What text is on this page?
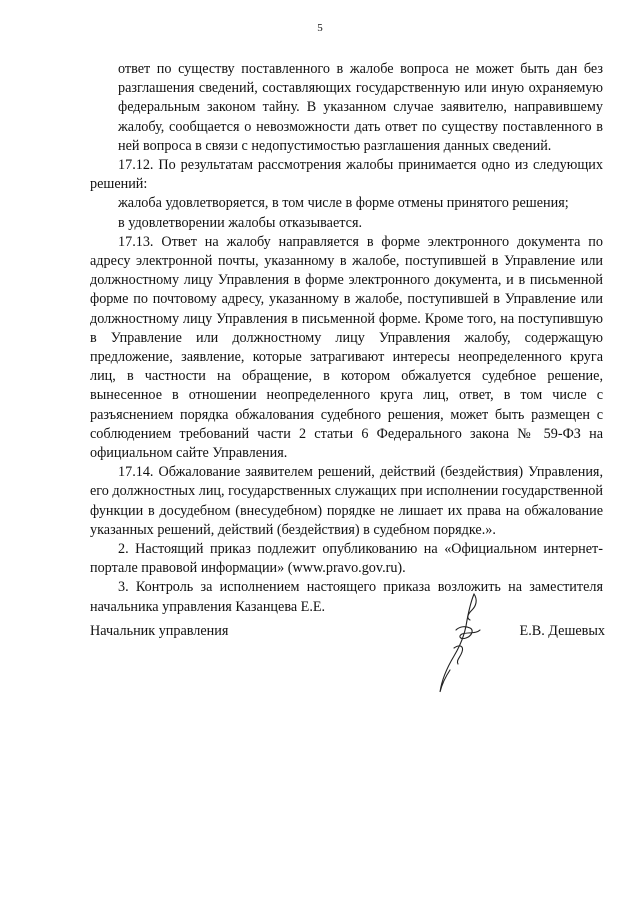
5

ответ по существу поставленного в жалобе вопроса не может быть дан без разглашения сведений, составляющих государственную или иную охраняемую федеральным законом тайну. В указанном случае заявителю, направившему жалобу, сообщается о невозможности дать ответ по существу поставленного в ней вопроса в связи с недопустимостью разглашения данных сведений.

17.12. По результатам рассмотрения жалобы принимается одно из следующих решений:

жалоба удовлетворяется, в том числе в форме отмены принятого решения;

в удовлетворении жалобы отказывается.

17.13. Ответ на жалобу направляется в форме электронного документа по адресу электронной почты, указанному в жалобе, поступившей в Управление или должностному лицу Управления в форме электронного документа, и в письменной форме по почтовому адресу, указанному в жалобе, поступившей в Управление или должностному лицу Управления в письменной форме. Кроме того, на поступившую в Управление или должностному лицу Управления жалобу, содержащую предложение, заявление, которые затрагивают интересы неопределенного круга лиц, в частности на обращение, в котором обжалуется судебное решение, вынесенное в отношении неопределенного круга лиц, ответ, в том числе с разъяснением порядка обжалования судебного решения, может быть размещен с соблюдением требований части 2 статьи 6 Федерального закона № 59-ФЗ на официальном сайте Управления.

17.14. Обжалование заявителем решений, действий (бездействия) Управления, его должностных лиц, государственных служащих при исполнении государственной функции в досудебном (внесудебном) порядке не лишает их права на обжалование указанных решений, действий (бездействия) в судебном порядке.».

2. Настоящий приказ подлежит опубликованию на «Официальном интернет-портале правовой информации» (www.pravo.gov.ru).

3. Контроль за исполнением настоящего приказа возложить на заместителя начальника управления Казанцева Е.Е.

Начальник управления	Е.В. Дешевых
